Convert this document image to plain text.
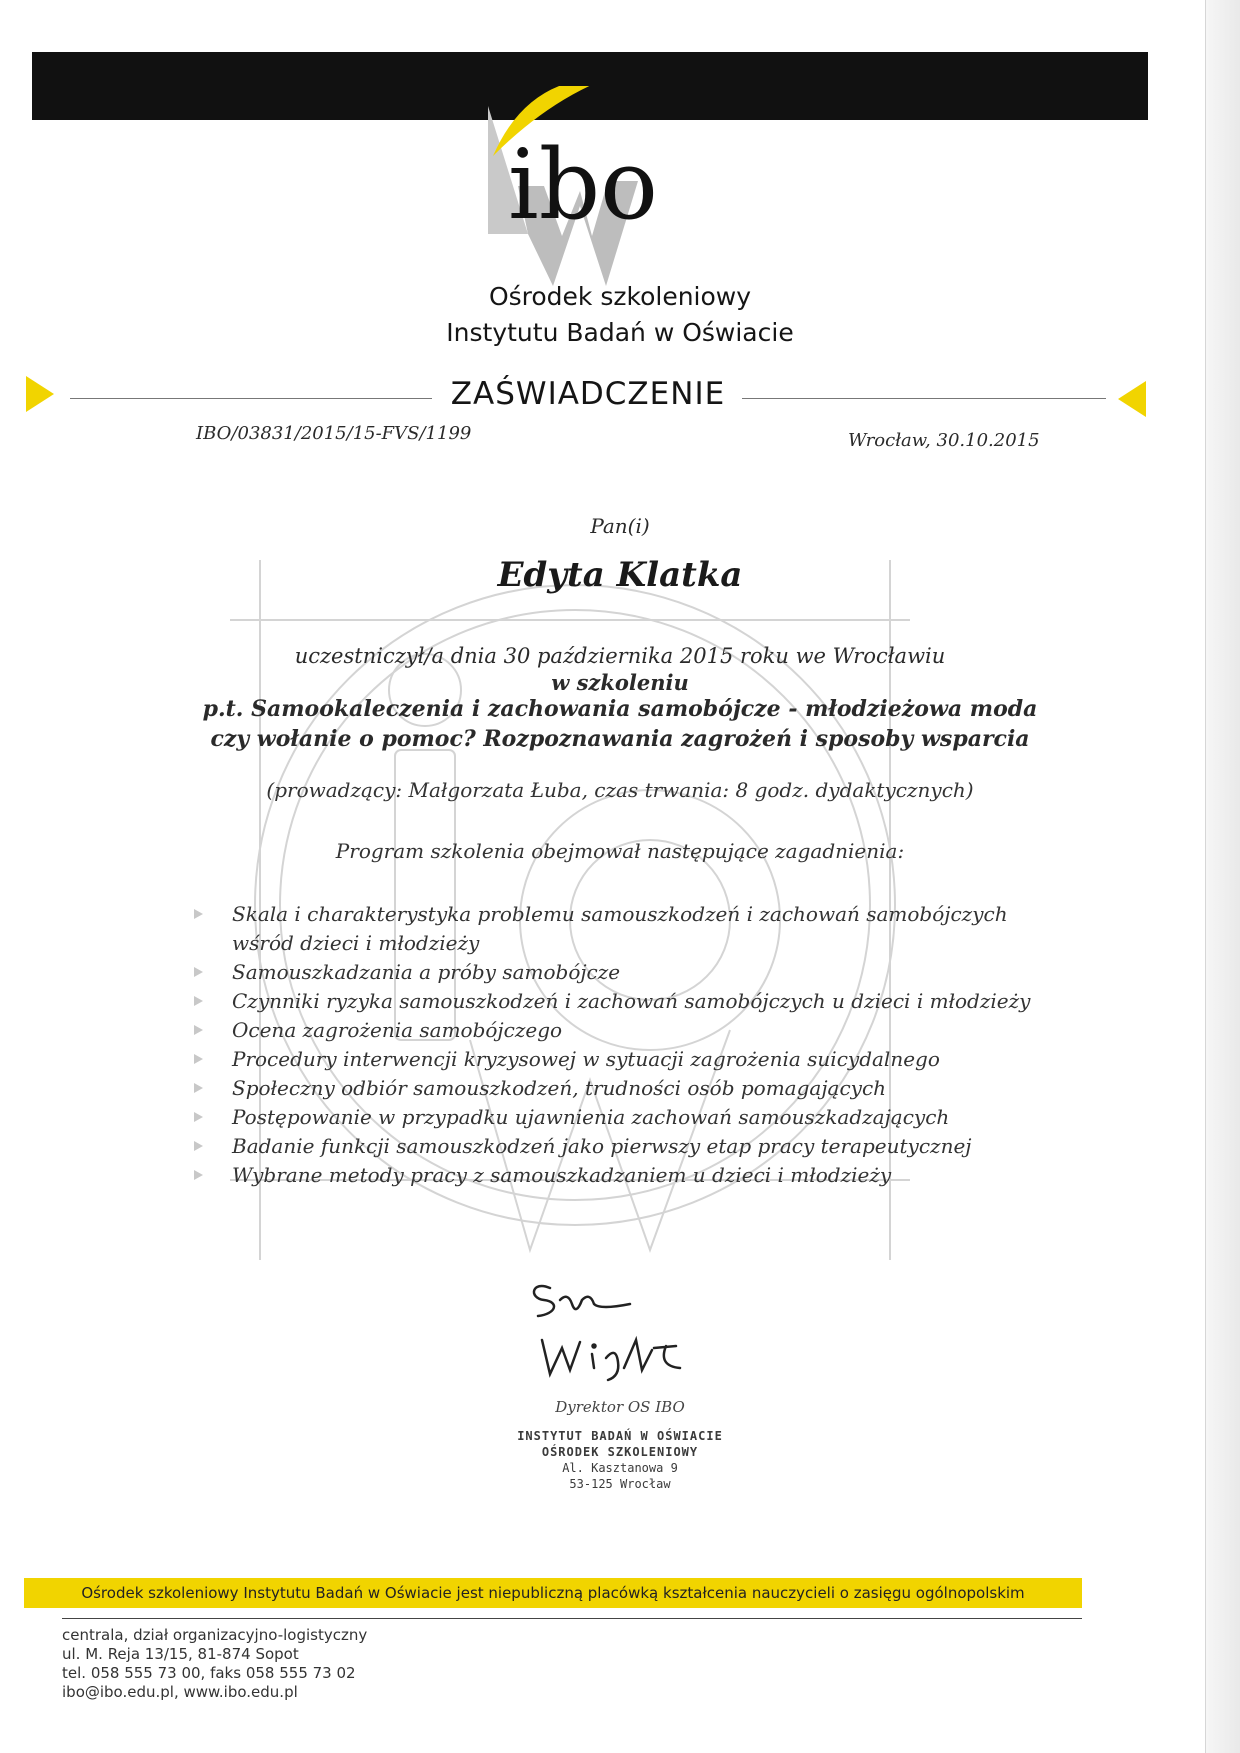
ibo
Ośrodek szkoleniowy
Instytutu Badań w Oświacie
ZAŚWIADCZENIE
IBO/03831/2015/15-FVS/1199	Wrocław, 30.10.2015
Pan(i)
Edyta Klatka
uczestniczył/a dnia 30 października 2015 roku we Wrocławiu
w szkoleniu
p.t. Samookaleczenia i zachowania samobójcze - młodzieżowa moda
czy wołanie o pomoc? Rozpoznawania zagrożeń i sposoby wsparcia
(prowadzący: Małgorzata Łuba, czas trwania: 8 godz. dydaktycznych)
Program szkolenia obejmował następujące zagadnienia:
Skala i charakterystyka problemu samouszkodzeń i zachowań samobójczych wśród dzieci i młodzieży
Samouszkadzania a próby samobójcze
Czynniki ryzyka samouszkodzeń i zachowań samobójczych u dzieci i młodzieży
Ocena zagrożenia samobójczego
Procedury interwencji kryzysowej w sytuacji zagrożenia suicydalnego
Społeczny odbiór samouszkodzeń, trudności osób pomagających
Postępowanie w przypadku ujawnienia zachowań samouszkadzających
Badanie funkcji samouszkodzeń jako pierwszy etap pracy terapeutycznej
Wybrane metody pracy z samouszkadzaniem u dzieci i młodzieży
Dyrektor OS IBO
INSTYTUT BADAŃ W OŚWIACIE
OŚRODEK SZKOLENIOWY
Al. Kasztanowa 9
53-125 Wrocław
Ośrodek szkoleniowy Instytutu Badań w Oświacie jest niepubliczną placówką kształcenia nauczycieli o zasięgu ogólnopolskim
centrala, dział organizacyjno-logistyczny
ul. M. Reja 13/15, 81-874 Sopot
tel. 058 555 73 00, faks 058 555 73 02
ibo@ibo.edu.pl, www.ibo.edu.pl
